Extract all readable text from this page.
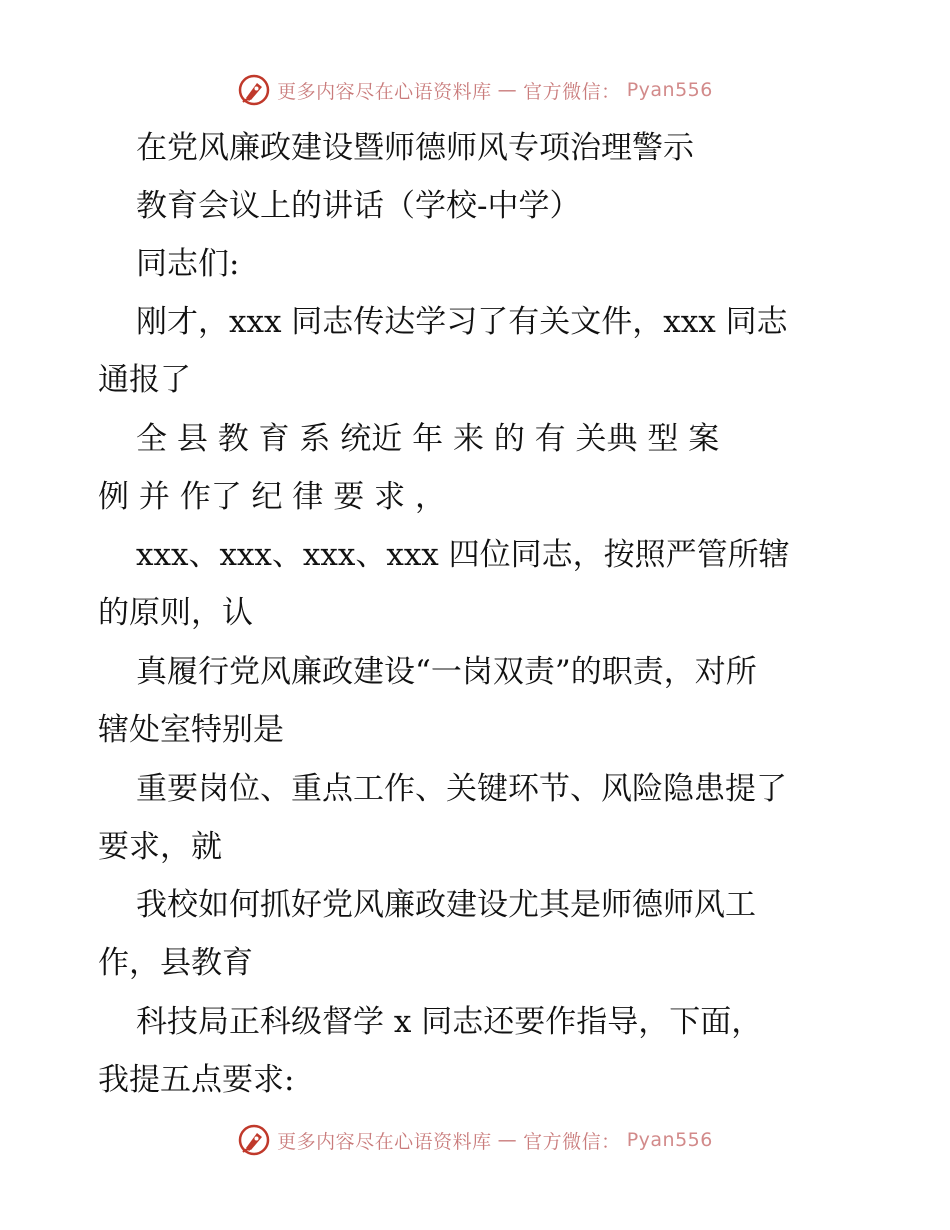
更多内容尽在心语资料库 — 官方微信： Pyan556
在党风廉政建设暨师德师风专项治理警示
教育会议上的讲话（学校-中学）
同志们:
刚才，xxx 同志传达学习了有关文件，xxx 同志
通报了
全 县 教 育 系 统近 年 来 的 有 关典 型 案
例 并 作了 纪 律 要 求 ，
xxx、xxx、xxx、xxx 四位同志，按照严管所辖
的原则，认
真履行党风廉政建设“一岗双责”的职责，对所
辖处室特别是
重要岗位、重点工作、关键环节、风险隐患提了
要求，就
我校如何抓好党风廉政建设尤其是师德师风工
作，县教育
科技局正科级督学 x 同志还要作指导，下面，
我提五点要求:
更多内容尽在心语资料库 — 官方微信： Pyan556
